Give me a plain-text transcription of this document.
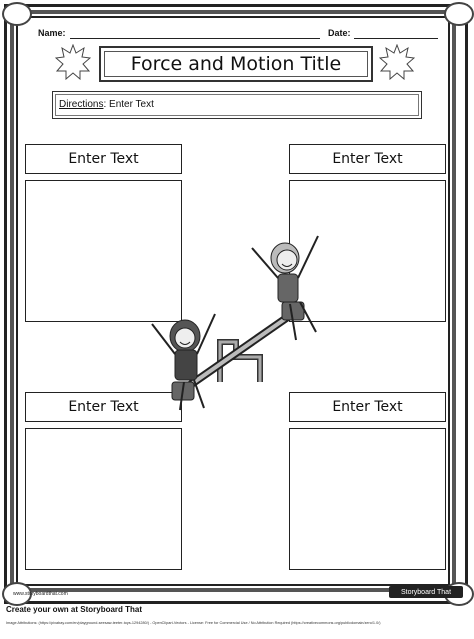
Name:	Date:
Force and Motion Title
Directions: Enter Text
Enter Text	Enter Text
Enter Text	Enter Text
www.storyboardthat.com	Storyboard That
Create your own at Storyboard That
Image Attributions: (https://pixabay.com/en/playground-seesaw-teeter-toys-1294280/) - OpenClipart-Vectors - License: Free for Commercial Use / No Attribution Required (https://creativecommons.org/publicdomain/zero/1.0/)
